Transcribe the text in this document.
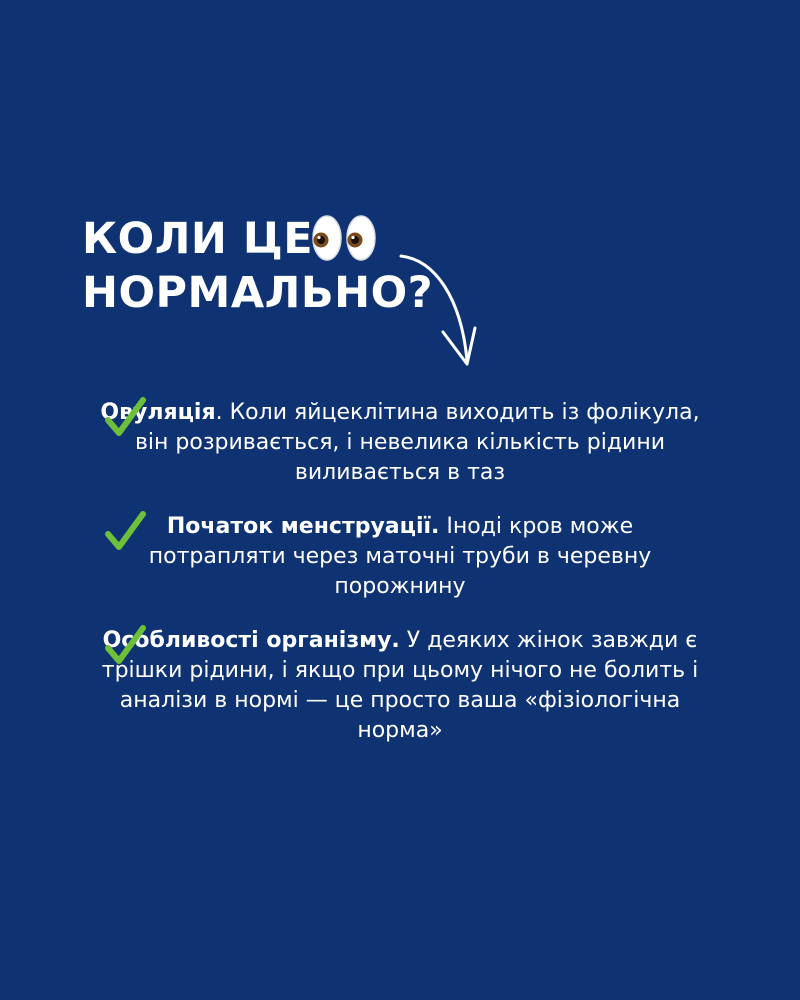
КОЛИ ЦЕ
НОРМАЛЬНО?

Овуляція. Коли яйцеклітина виходить із фолікула, він розривається, і невелика кількість рідини виливається в таз

Початок менструації. Іноді кров може потрапляти через маточні труби в черевну порожнину

Особливості організму. У деяких жінок завжди є трішки рідини, і якщо при цьому нічого не болить і аналізи в нормі — це просто ваша «фізіологічна норма»
